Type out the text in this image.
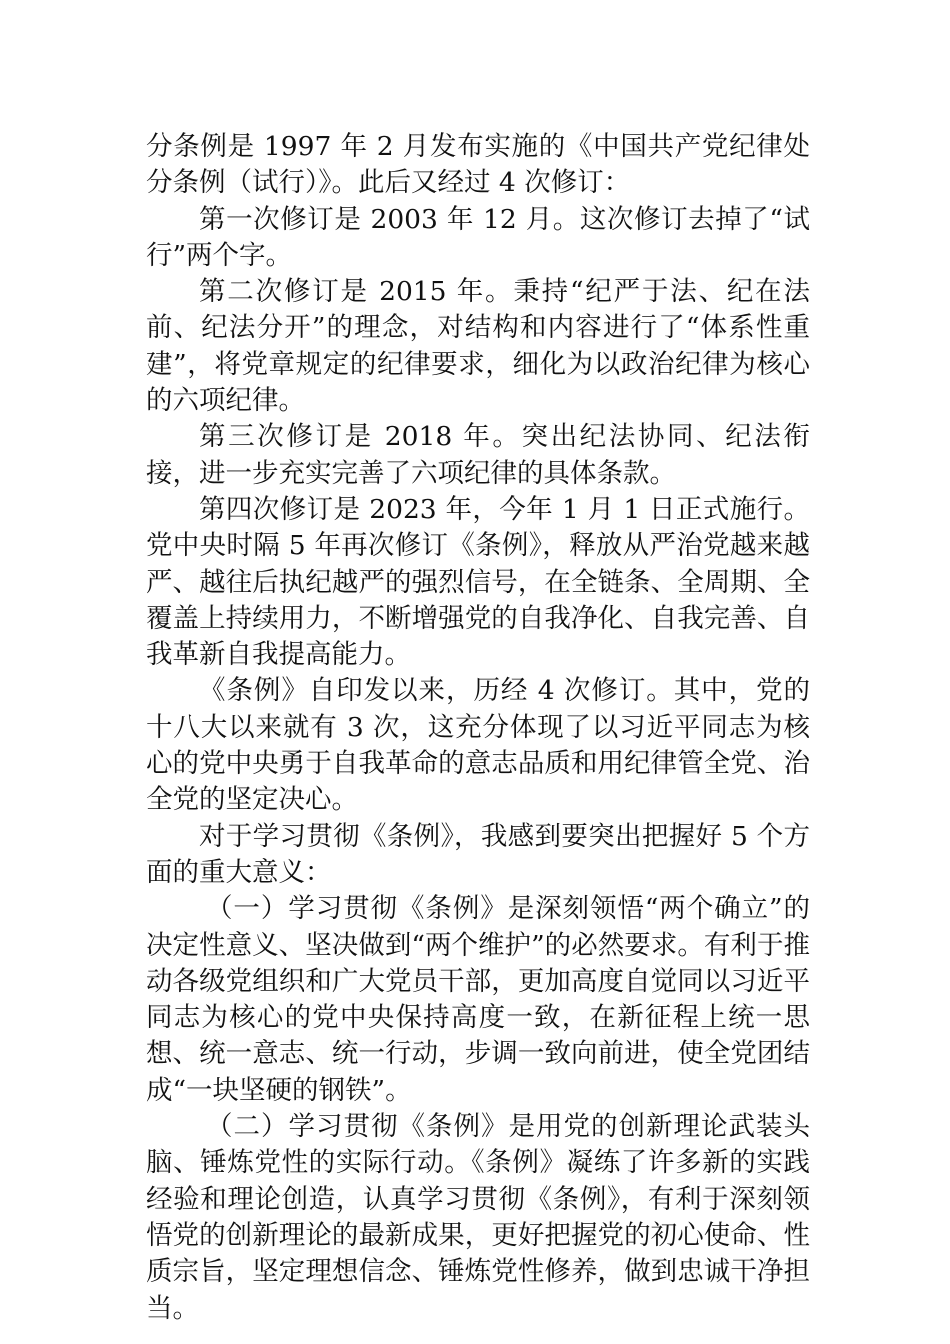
分条例是 1997 年 2 月发布实施的《中国共产党纪律处分条例（试行）》。此后又经过 4 次修订：

第一次修订是 2003 年 12 月。这次修订去掉了“试行”两个字。

第二次修订是 2015 年。秉持“纪严于法、纪在法前、纪法分开”的理念，对结构和内容进行了“体系性重建”，将党章规定的纪律要求，细化为以政治纪律为核心的六项纪律。

第三次修订是 2018 年。突出纪法协同、纪法衔接，进一步充实完善了六项纪律的具体条款。

第四次修订是 2023 年，今年 1 月 1 日正式施行。党中央时隔 5 年再次修订《条例》，释放从严治党越来越严、越往后执纪越严的强烈信号，在全链条、全周期、全覆盖上持续用力，不断增强党的自我净化、自我完善、自我革新自我提高能力。

《条例》自印发以来，历经 4 次修订。其中，党的十八大以来就有 3 次，这充分体现了以习近平同志为核心的党中央勇于自我革命的意志品质和用纪律管全党、治全党的坚定决心。

对于学习贯彻《条例》，我感到要突出把握好 5 个方面的重大意义：

（一）学习贯彻《条例》是深刻领悟“两个确立”的决定性意义、坚决做到“两个维护”的必然要求。有利于推动各级党组织和广大党员干部，更加高度自觉同以习近平同志为核心的党中央保持高度一致，在新征程上统一思想、统一意志、统一行动，步调一致向前进，使全党团结成“一块坚硬的钢铁”。

（二）学习贯彻《条例》是用党的创新理论武装头脑、锤炼党性的实际行动。《条例》凝练了许多新的实践经验和理论创造，认真学习贯彻《条例》，有利于深刻领悟党的创新理论的最新成果，更好把握党的初心使命、性质宗旨，坚定理想信念、锤炼党性修养，做到忠诚干净担当。
